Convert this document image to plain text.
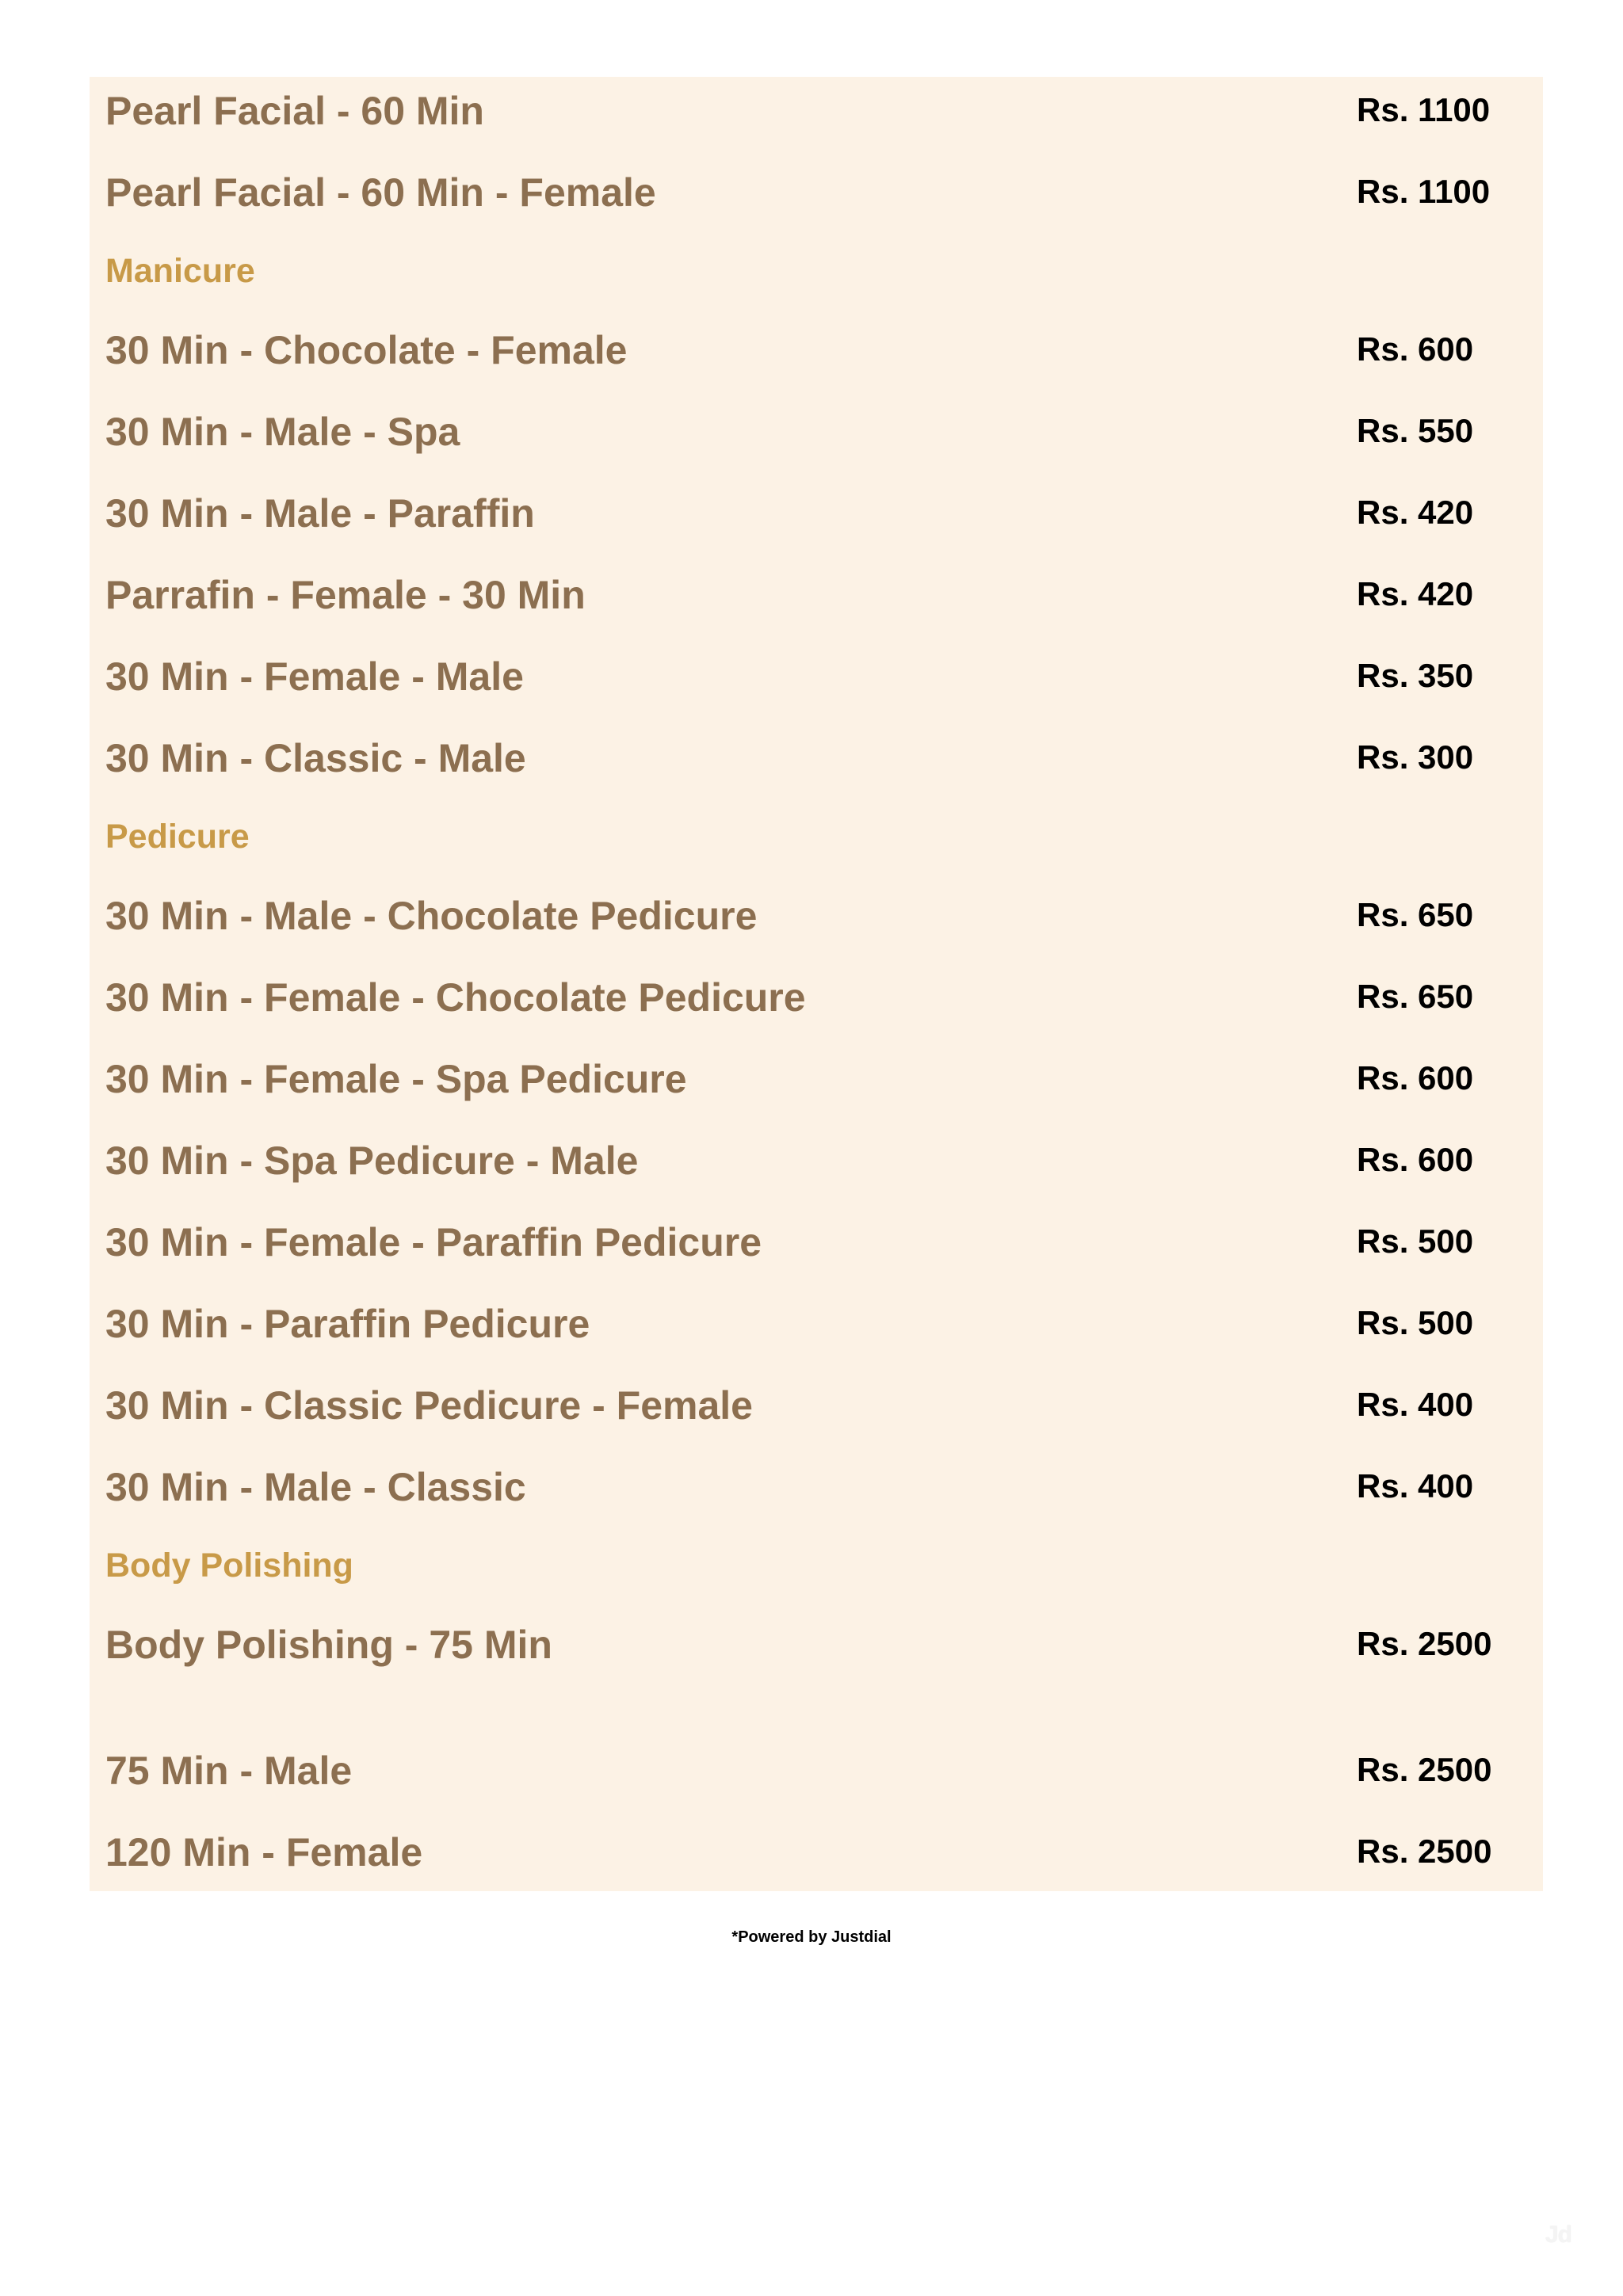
Pearl Facial - 60 Min	Rs. 1100
Pearl Facial - 60 Min - Female	Rs. 1100
Manicure
30 Min - Chocolate - Female	Rs. 600
30 Min - Male - Spa	Rs. 550
30 Min - Male - Paraffin	Rs. 420
Parrafin - Female - 30 Min	Rs. 420
30 Min - Female - Male	Rs. 350
30 Min - Classic - Male	Rs. 300
Pedicure
30 Min - Male - Chocolate Pedicure	Rs. 650
30 Min - Female - Chocolate Pedicure	Rs. 650
30 Min - Female - Spa Pedicure	Rs. 600
30 Min - Spa Pedicure - Male	Rs. 600
30 Min - Female - Paraffin Pedicure	Rs. 500
30 Min - Paraffin Pedicure	Rs. 500
30 Min - Classic Pedicure - Female	Rs. 400
30 Min - Male - Classic	Rs. 400
Body Polishing
Body Polishing - 75 Min	Rs. 2500
75 Min - Male	Rs. 2500
120 Min - Female	Rs. 2500
*Powered by Justdial
Jd
